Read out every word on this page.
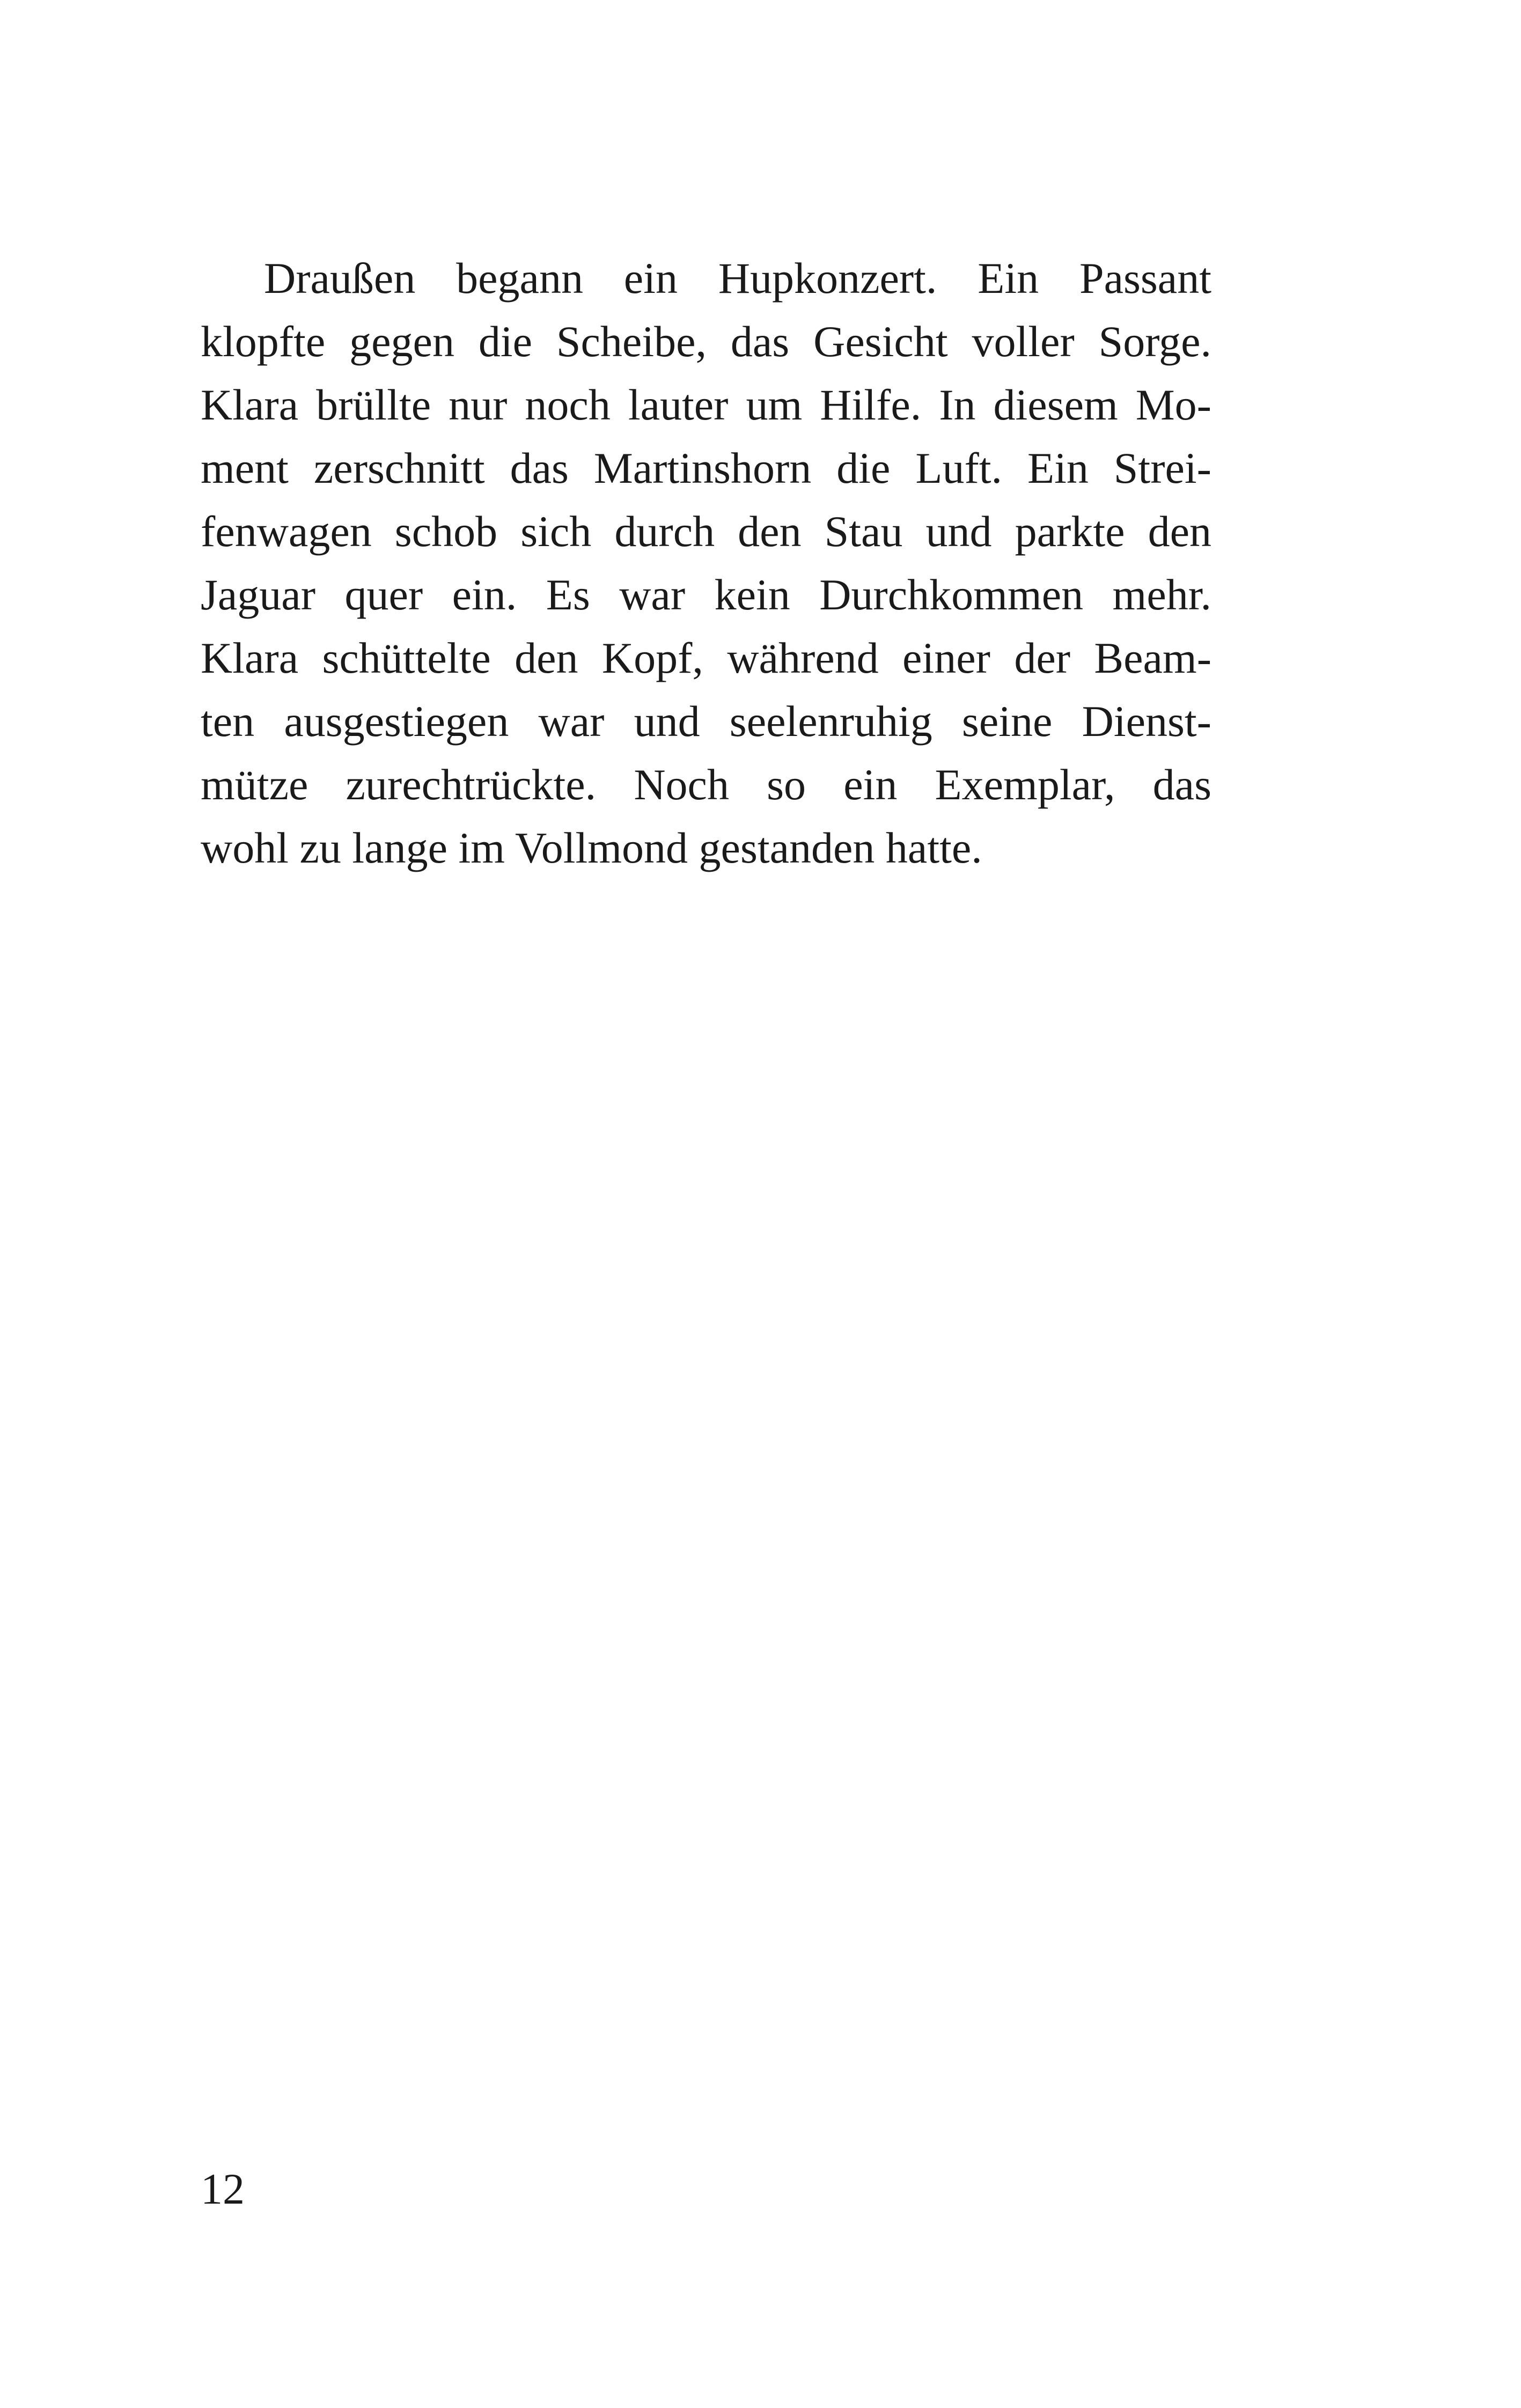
Draußen begann ein Hupkonzert. Ein Passant
klopfte gegen die Scheibe, das Gesicht voller Sorge.
Klara brüllte nur noch lauter um Hilfe. In diesem Mo-
ment zerschnitt das Martinshorn die Luft. Ein Strei-
fenwagen schob sich durch den Stau und parkte den
Jaguar quer ein. Es war kein Durchkommen mehr.
Klara schüttelte den Kopf, während einer der Beam-
ten ausgestiegen war und seelenruhig seine Dienst-
mütze zurechtrückte. Noch so ein Exemplar, das
wohl zu lange im Vollmond gestanden hatte.

12
